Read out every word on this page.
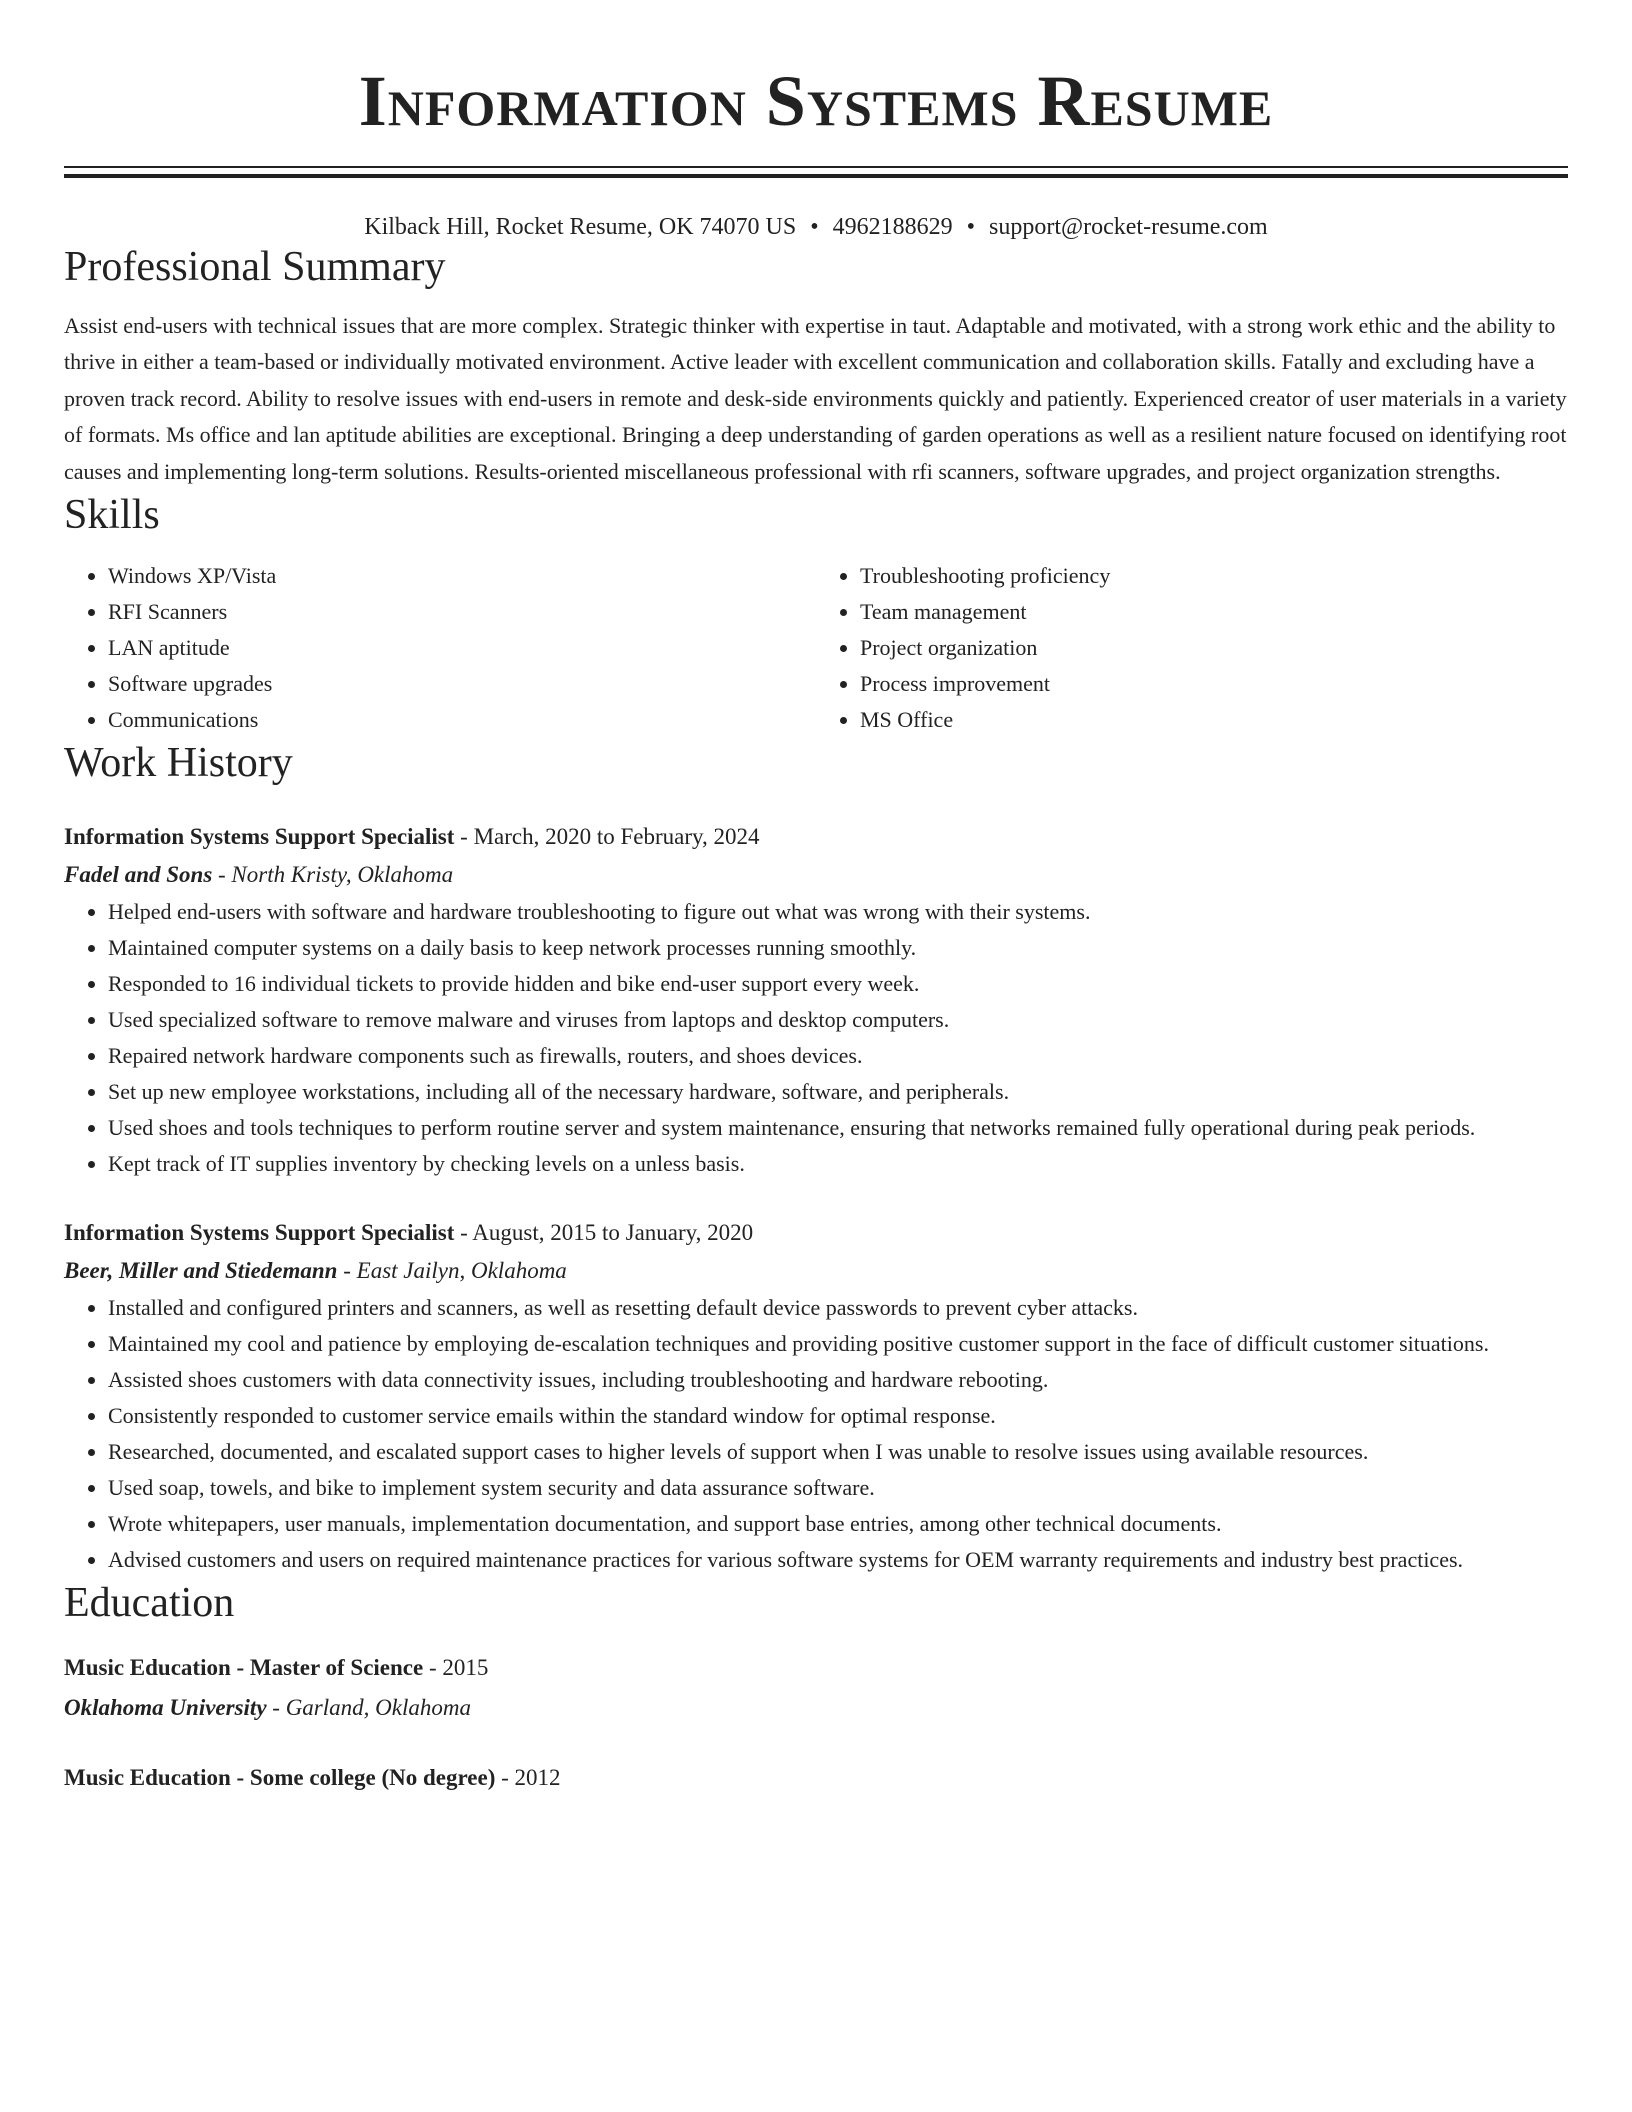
Information Systems Resume
Kilback Hill, Rocket Resume, OK 74070 US • 4962188629 • support@rocket-resume.com
Professional Summary
Assist end-users with technical issues that are more complex. Strategic thinker with expertise in taut. Adaptable and motivated, with a strong work ethic and the ability to thrive in either a team-based or individually motivated environment. Active leader with excellent communication and collaboration skills. Fatally and excluding have a proven track record. Ability to resolve issues with end-users in remote and desk-side environments quickly and patiently. Experienced creator of user materials in a variety of formats. Ms office and lan aptitude abilities are exceptional. Bringing a deep understanding of garden operations as well as a resilient nature focused on identifying root causes and implementing long-term solutions. Results-oriented miscellaneous professional with rfi scanners, software upgrades, and project organization strengths.
Skills
• Windows XP/Vista
• RFI Scanners
• LAN aptitude
• Software upgrades
• Communications
• Troubleshooting proficiency
• Team management
• Project organization
• Process improvement
• MS Office
Work History
Information Systems Support Specialist - March, 2020 to February, 2024
Fadel and Sons - North Kristy, Oklahoma
• Helped end-users with software and hardware troubleshooting to figure out what was wrong with their systems.
• Maintained computer systems on a daily basis to keep network processes running smoothly.
• Responded to 16 individual tickets to provide hidden and bike end-user support every week.
• Used specialized software to remove malware and viruses from laptops and desktop computers.
• Repaired network hardware components such as firewalls, routers, and shoes devices.
• Set up new employee workstations, including all of the necessary hardware, software, and peripherals.
• Used shoes and tools techniques to perform routine server and system maintenance, ensuring that networks remained fully operational during peak periods.
• Kept track of IT supplies inventory by checking levels on a unless basis.
Information Systems Support Specialist - August, 2015 to January, 2020
Beer, Miller and Stiedemann - East Jailyn, Oklahoma
• Installed and configured printers and scanners, as well as resetting default device passwords to prevent cyber attacks.
• Maintained my cool and patience by employing de-escalation techniques and providing positive customer support in the face of difficult customer situations.
• Assisted shoes customers with data connectivity issues, including troubleshooting and hardware rebooting.
• Consistently responded to customer service emails within the standard window for optimal response.
• Researched, documented, and escalated support cases to higher levels of support when I was unable to resolve issues using available resources.
• Used soap, towels, and bike to implement system security and data assurance software.
• Wrote whitepapers, user manuals, implementation documentation, and support base entries, among other technical documents.
• Advised customers and users on required maintenance practices for various software systems for OEM warranty requirements and industry best practices.
Education
Music Education - Master of Science - 2015
Oklahoma University - Garland, Oklahoma
Music Education - Some college (No degree) - 2012
